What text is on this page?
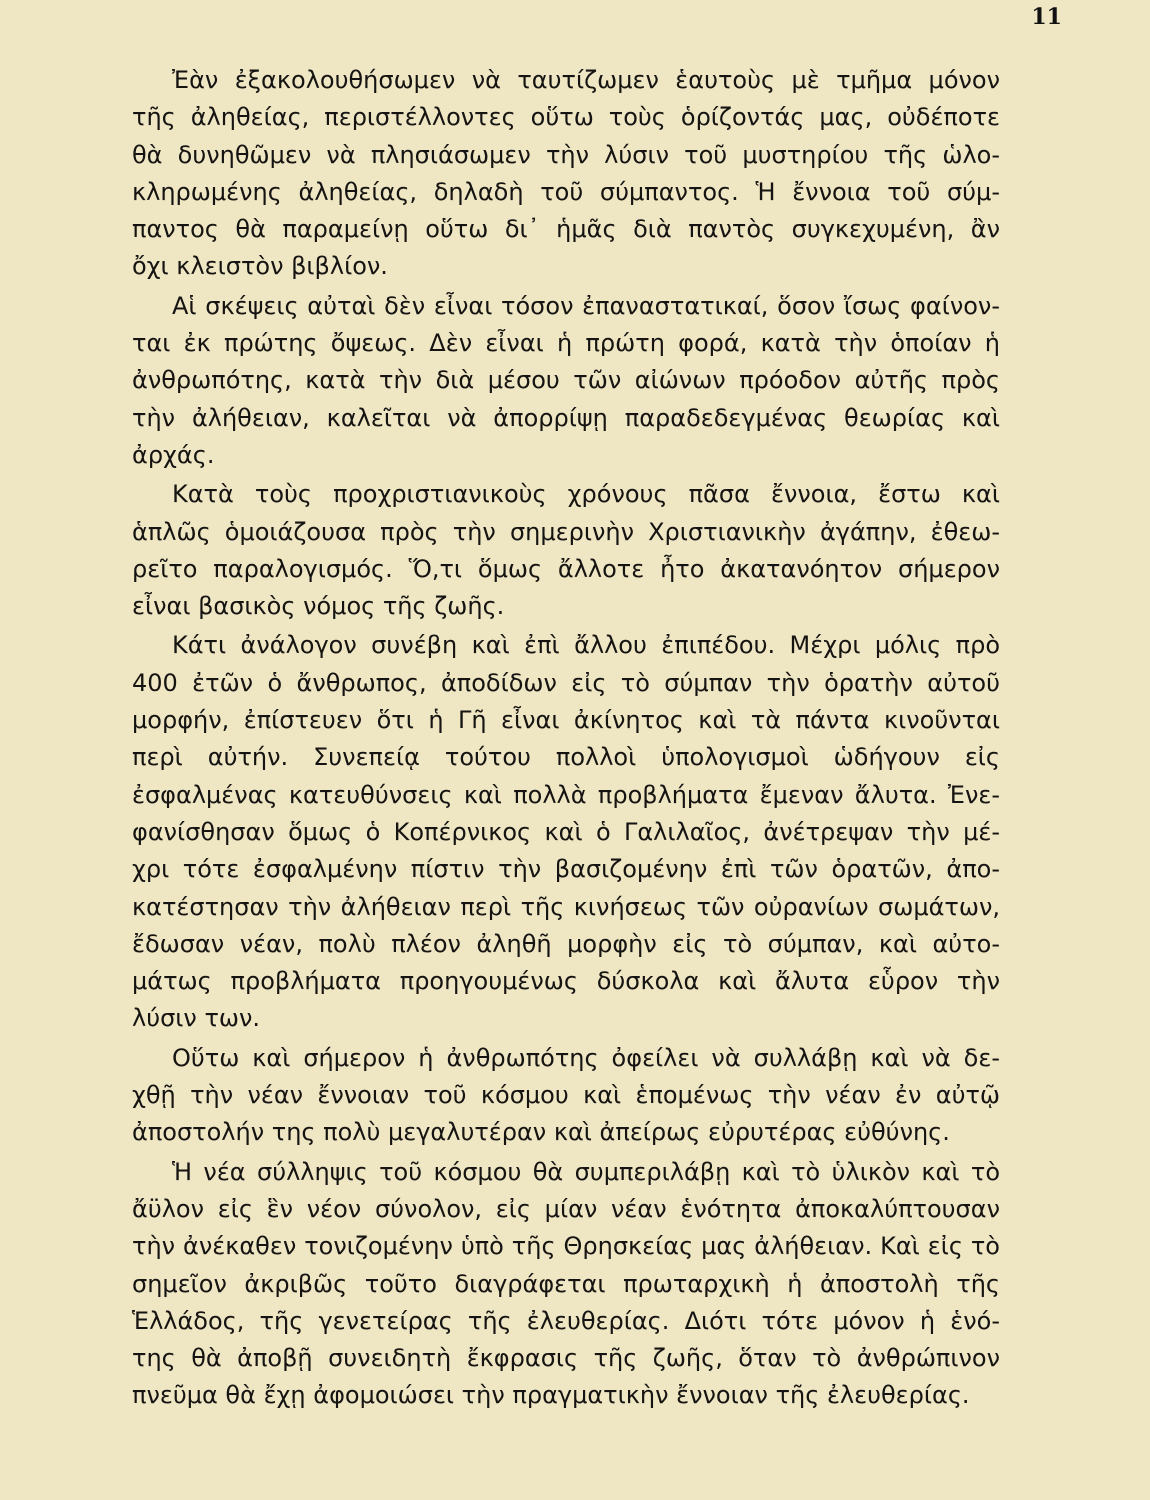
11
Ἐὰν ἐξακολουθήσωμεν νὰ ταυτίζωμεν ἑαυτοὺς μὲ τμῆμα μόνον
τῆς ἀληθείας, περιστέλλοντες οὕτω τοὺς ὁρίζοντάς μας, οὐδέποτε
θὰ δυνηθῶμεν νὰ πλησιάσωμεν τὴν λύσιν τοῦ μυστηρίου τῆς ὡλο-
κληρωμένης ἀληθείας, δηλαδὴ τοῦ σύμπαντος. Ἡ ἔννοια τοῦ σύμ-
παντος θὰ παραμείνῃ οὕτω δι᾽ ἡμᾶς διὰ παντὸς συγκεχυμένη, ἂν
ὄχι κλειστὸν βιβλίον.
Αἱ σκέψεις αὐταὶ δὲν εἶναι τόσον ἐπαναστατικαί, ὅσον ἴσως φαίνον-
ται ἐκ πρώτης ὄψεως. Δὲν εἶναι ἡ πρώτη φορά, κατὰ τὴν ὁποίαν ἡ
ἀνθρωπότης, κατὰ τὴν διὰ μέσου τῶν αἰώνων πρόοδον αὐτῆς πρὸς
τὴν ἀλήθειαν, καλεῖται νὰ ἀπορρίψῃ παραδεδεγμένας θεωρίας καὶ
ἀρχάς.
Κατὰ τοὺς προχριστιανικοὺς χρόνους πᾶσα ἔννοια, ἔστω καὶ
ἁπλῶς ὁμοιάζουσα πρὸς τὴν σημερινὴν Χριστιανικὴν ἀγάπην, ἐθεω-
ρεῖτο παραλογισμός. Ὅ,τι ὅμως ἄλλοτε ἦτο ἀκατανόητον σήμερον
εἶναι βασικὸς νόμος τῆς ζωῆς.
Κάτι ἀνάλογον συνέβη καὶ ἐπὶ ἄλλου ἐπιπέδου. Μέχρι μόλις πρὸ
400 ἐτῶν ὁ ἄνθρωπος, ἀποδίδων εἰς τὸ σύμπαν τὴν ὁρατὴν αὐτοῦ
μορφήν, ἐπίστευεν ὅτι ἡ Γῆ εἶναι ἀκίνητος καὶ τὰ πάντα κινοῦνται
περὶ αὐτήν. Συνεπείᾳ τούτου πολλοὶ ὑπολογισμοὶ ὡδήγουν εἰς
ἐσφαλμένας κατευθύνσεις καὶ πολλὰ προβλήματα ἔμεναν ἄλυτα. Ἐνε-
φανίσθησαν ὅμως ὁ Κοπέρνικος καὶ ὁ Γαλιλαῖος, ἀνέτρεψαν τὴν μέ-
χρι τότε ἐσφαλμένην πίστιν τὴν βασιζομένην ἐπὶ τῶν ὁρατῶν, ἀπο-
κατέστησαν τὴν ἀλήθειαν περὶ τῆς κινήσεως τῶν οὐρανίων σωμάτων,
ἔδωσαν νέαν, πολὺ πλέον ἀληθῆ μορφὴν εἰς τὸ σύμπαν, καὶ αὐτο-
μάτως προβλήματα προηγουμένως δύσκολα καὶ ἄλυτα εὗρον τὴν
λύσιν των.
Οὕτω καὶ σήμερον ἡ ἀνθρωπότης ὀφείλει νὰ συλλάβῃ καὶ νὰ δε-
χθῇ τὴν νέαν ἔννοιαν τοῦ κόσμου καὶ ἑπομένως τὴν νέαν ἐν αὐτῷ
ἀποστολήν της πολὺ μεγαλυτέραν καὶ ἀπείρως εὐρυτέρας εὐθύνης.
Ἡ νέα σύλληψις τοῦ κόσμου θὰ συμπεριλάβῃ καὶ τὸ ὑλικὸν καὶ τὸ
ἄϋλον εἰς ἓν νέον σύνολον, εἰς μίαν νέαν ἑνότητα ἀποκαλύπτουσαν
τὴν ἀνέκαθεν τονιζομένην ὑπὸ τῆς Θρησκείας μας ἀλήθειαν. Καὶ εἰς τὸ
σημεῖον ἀκριβῶς τοῦτο διαγράφεται πρωταρχικὴ ἡ ἀποστολὴ τῆς
Ἑλλάδος, τῆς γενετείρας τῆς ἐλευθερίας. Διότι τότε μόνον ἡ ἑνό-
της θὰ ἀποβῇ συνειδητὴ ἔκφρασις τῆς ζωῆς, ὅταν τὸ ἀνθρώπινον
πνεῦμα θὰ ἔχῃ ἀφομοιώσει τὴν πραγματικὴν ἔννοιαν τῆς ἐλευθερίας.
